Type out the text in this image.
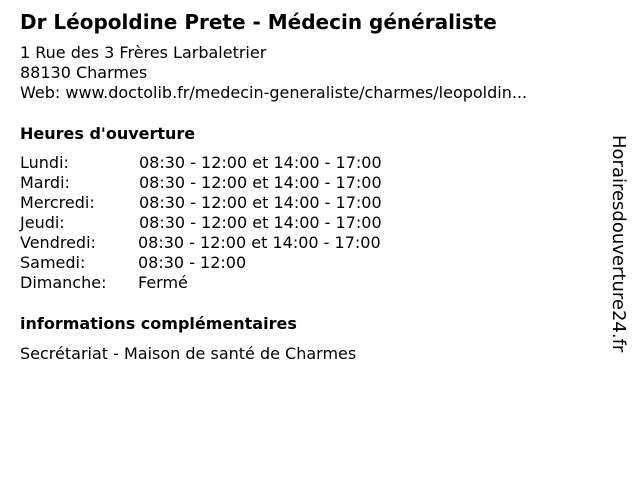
Dr Léopoldine Prete - Médecin généraliste
1 Rue des 3 Frères Larbaletrier
88130 Charmes
Web: www.doctolib.fr/medecin-generaliste/charmes/leopoldin...
Heures d'ouverture
Lundi:	08:30 - 12:00 et 14:00 - 17:00
Mardi:	08:30 - 12:00 et 14:00 - 17:00
Mercredi:	08:30 - 12:00 et 14:00 - 17:00
Jeudi:	08:30 - 12:00 et 14:00 - 17:00
Vendredi:	08:30 - 12:00 et 14:00 - 17:00
Samedi:	08:30 - 12:00
Dimanche: Fermé
informations complémentaires
Secrétariat - Maison de santé de Charmes
Horairesdouverture24.fr
